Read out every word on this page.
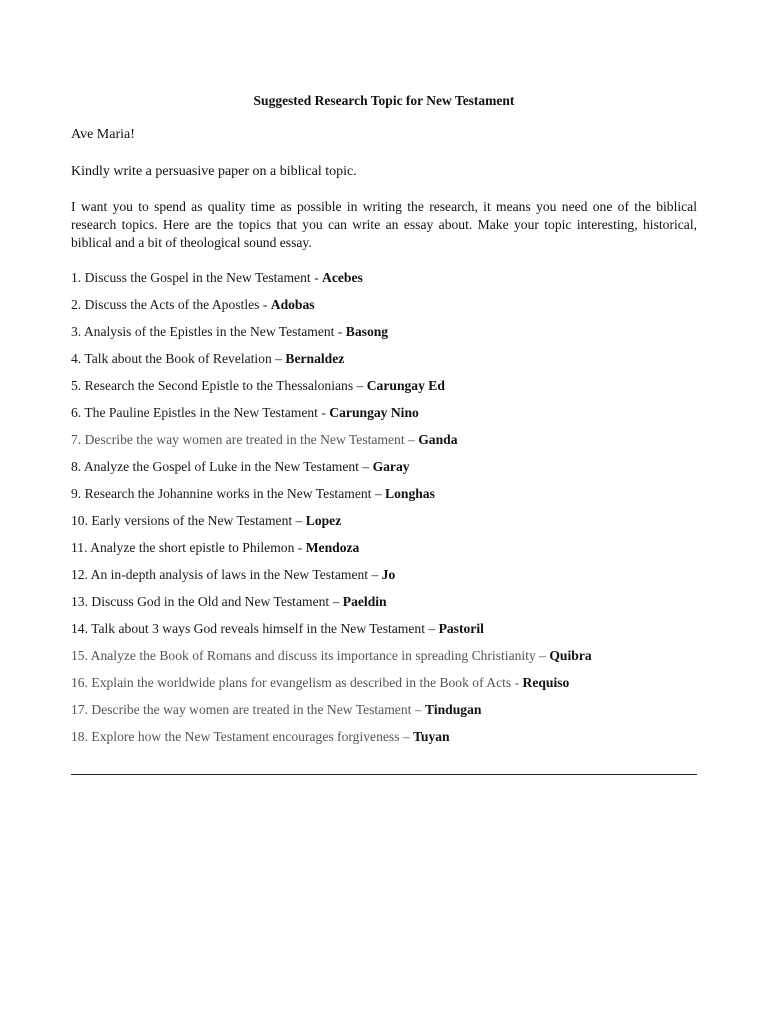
Suggested Research Topic for New Testament
Ave Maria!
Kindly write a persuasive paper on a biblical topic.
I want you to spend as quality time as possible in writing the research, it means you need one of the biblical research topics. Here are the topics that you can write an essay about. Make your topic interesting, historical, biblical and a bit of theological sound essay.
1. Discuss the Gospel in the New Testament - Acebes
2. Discuss the Acts of the Apostles - Adobas
3. Analysis of the Epistles in the New Testament - Basong
4. Talk about the Book of Revelation – Bernaldez
5. Research the Second Epistle to the Thessalonians – Carungay Ed
6. The Pauline Epistles in the New Testament - Carungay Nino
7. Describe the way women are treated in the New Testament – Ganda
8. Analyze the Gospel of Luke in the New Testament – Garay
9. Research the Johannine works in the New Testament – Longhas
10. Early versions of the New Testament – Lopez
11. Analyze the short epistle to Philemon - Mendoza
12. An in-depth analysis of laws in the New Testament – Jo
13. Discuss God in the Old and New Testament – Paeldin
14. Talk about 3 ways God reveals himself in the New Testament – Pastoril
15. Analyze the Book of Romans and discuss its importance in spreading Christianity – Quibra
16. Explain the worldwide plans for evangelism as described in the Book of Acts - Requiso
17. Describe the way women are treated in the New Testament – Tindugan
18. Explore how the New Testament encourages forgiveness – Tuyan
